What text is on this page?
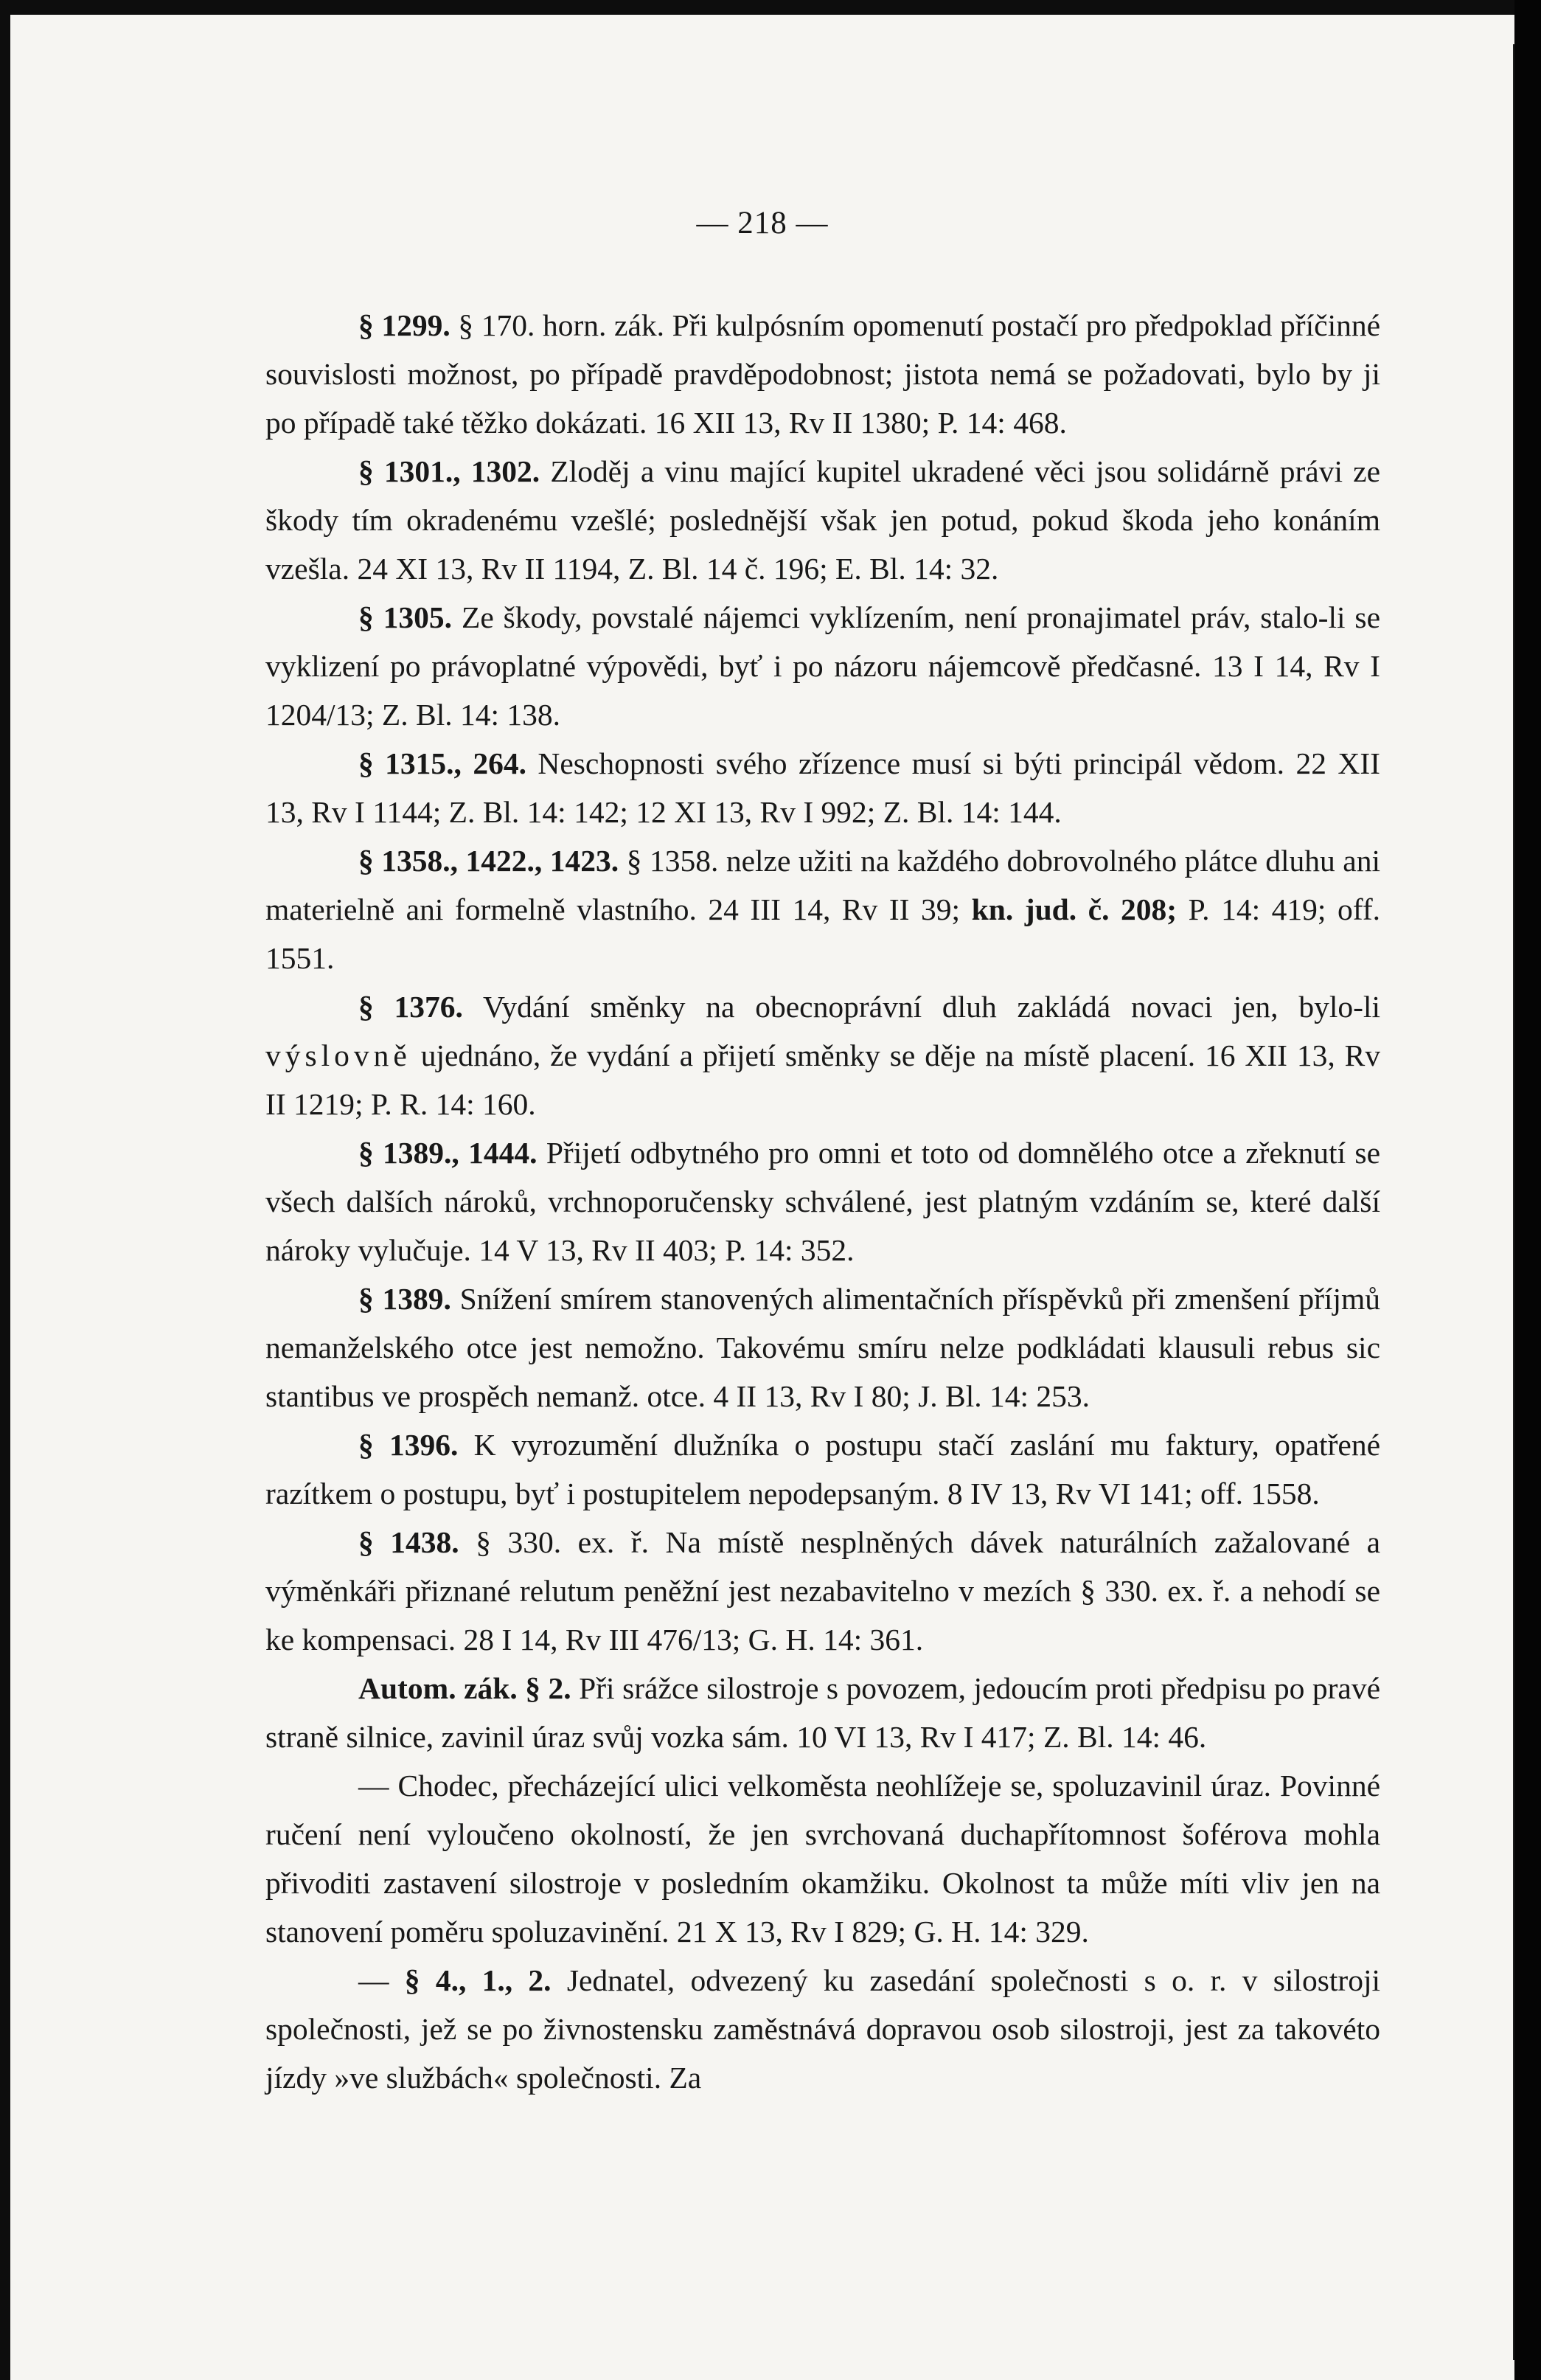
— 218 —

§ 1299. § 170. horn. zák. Při kulpósním opomenutí postačí pro předpoklad příčinné souvislosti možnost, po případě pravděpodobnost; jistota nemá se požadovati, bylo by ji po případě také těžko dokázati. 16 XII 13, Rv II 1380; P. 14: 468.

§ 1301., 1302. Zloděj a vinu mající kupitel ukradené věci jsou solidárně právi ze škody tím okradenému vzešlé; poslednější však jen potud, pokud škoda jeho konáním vzešla. 24 XI 13, Rv II 1194, Z. Bl. 14 č. 196; E. Bl. 14: 32.

§ 1305. Ze škody, povstalé nájemci vyklízením, není pronajimatel práv, stalo-li se vyklizení po právoplatné výpovědi, byť i po názoru nájemcově předčasné. 13 I 14, Rv I 1204/13; Z. Bl. 14: 138.

§ 1315., 264. Neschopnosti svého zřízence musí si býti principál vědom. 22 XII 13, Rv I 1144; Z. Bl. 14: 142; 12 XI 13, Rv I 992; Z. Bl. 14: 144.

§ 1358., 1422., 1423. § 1358. nelze užiti na každého dobrovolného plátce dluhu ani materielně ani formelně vlastního. 24 III 14, Rv II 39; kn. jud. č. 208; P. 14: 419; off. 1551.

§ 1376. Vydání směnky na obecnoprávní dluh zakládá novaci jen, bylo-li výslovně ujednáno, že vydání a přijetí směnky se děje na místě placení. 16 XII 13, Rv II 1219; P. R. 14: 160.

§ 1389., 1444. Přijetí odbytného pro omni et toto od domnělého otce a zřeknutí se všech dalších nároků, vrchnoporučensky schválené, jest platným vzdáním se, které další nároky vylučuje. 14 V 13, Rv II 403; P. 14: 352.

§ 1389. Snížení smírem stanovených alimentačních příspěvků při zmenšení příjmů nemanželského otce jest nemožno. Takovému smíru nelze podkládati klausuli rebus sic stantibus ve prospěch nemanž. otce. 4 II 13, Rv I 80; J. Bl. 14: 253.

§ 1396. K vyrozumění dlužníka o postupu stačí zaslání mu faktury, opatřené razítkem o postupu, byť i postupitelem nepodepsaným. 8 IV 13, Rv VI 141; off. 1558.

§ 1438. § 330. ex. ř. Na místě nesplněných dávek naturálních zažalované a výměnkáři přiznané relutum peněžní jest nezabavitelno v mezích § 330. ex. ř. a nehodí se ke kompensaci. 28 I 14, Rv III 476/13; G. H. 14: 361.

Autom. zák. § 2. Při srážce silostroje s povozem, jedoucím proti předpisu po pravé straně silnice, zavinil úraz svůj vozka sám. 10 VI 13, Rv I 417; Z. Bl. 14: 46.

— Chodec, přecházející ulici velkoměsta neohlížeje se, spoluzavinil úraz. Povinné ručení není vyloučeno okolností, že jen svrchovaná duchapřítomnost šoférova mohla přivoditi zastavení silostroje v posledním okamžiku. Okolnost ta může míti vliv jen na stanovení poměru spoluzavinění. 21 X 13, Rv I 829; G. H. 14: 329.

— § 4., 1., 2. Jednatel, odvezený ku zasedání společnosti s o. r. v silostroji společnosti, jež se po živnostensku zaměstnává dopravou osob silostroji, jest za takovéto jízdy »ve službách« společnosti. Za
